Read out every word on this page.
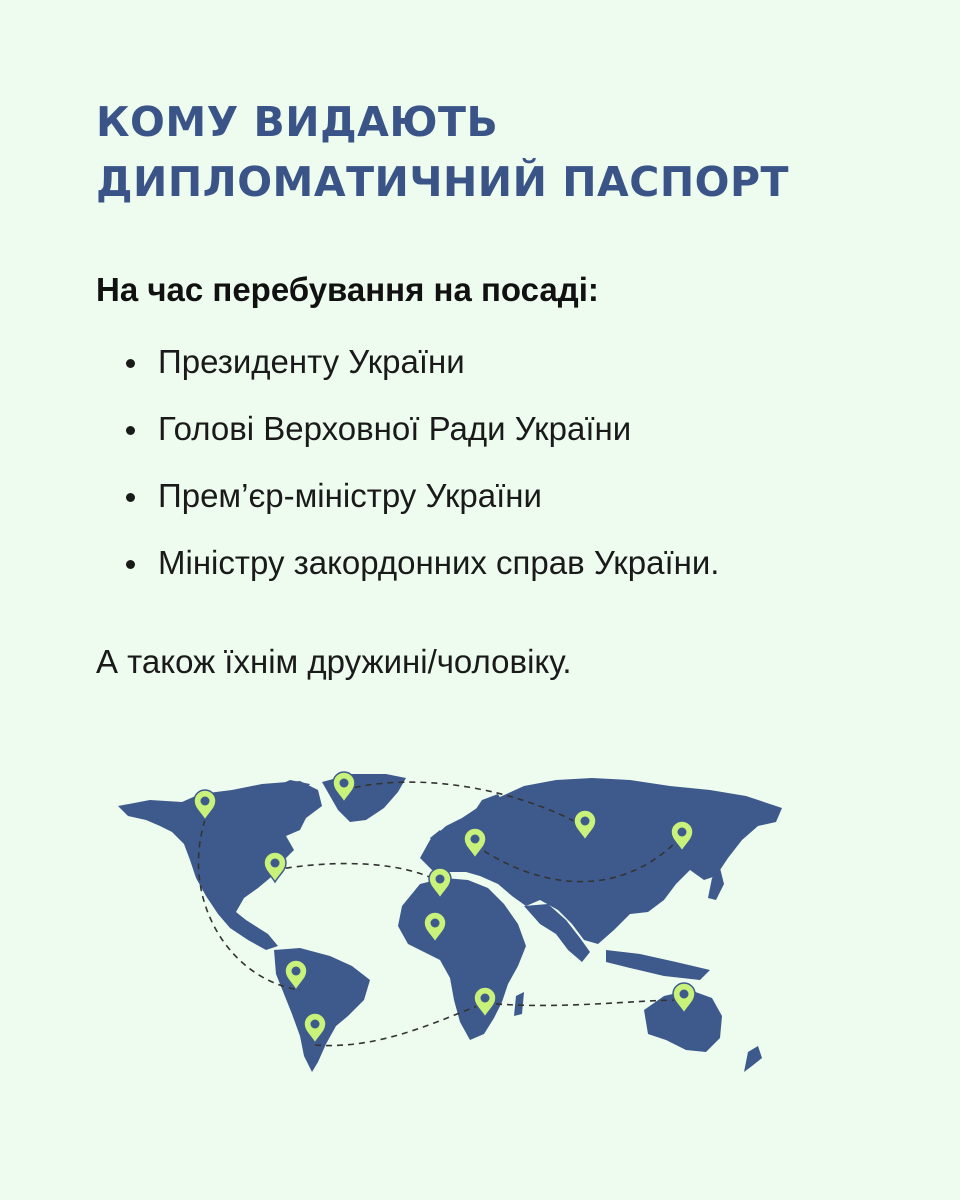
КОМУ ВИДАЮТЬ
ДИПЛОМАТИЧНИЙ ПАСПОРТ

На час перебування на посаді:

Президенту України
Голові Верховної Ради України
Прем’єр-міністру України
Міністру закордонних справ України.

А також їхнім дружині/чоловіку.
